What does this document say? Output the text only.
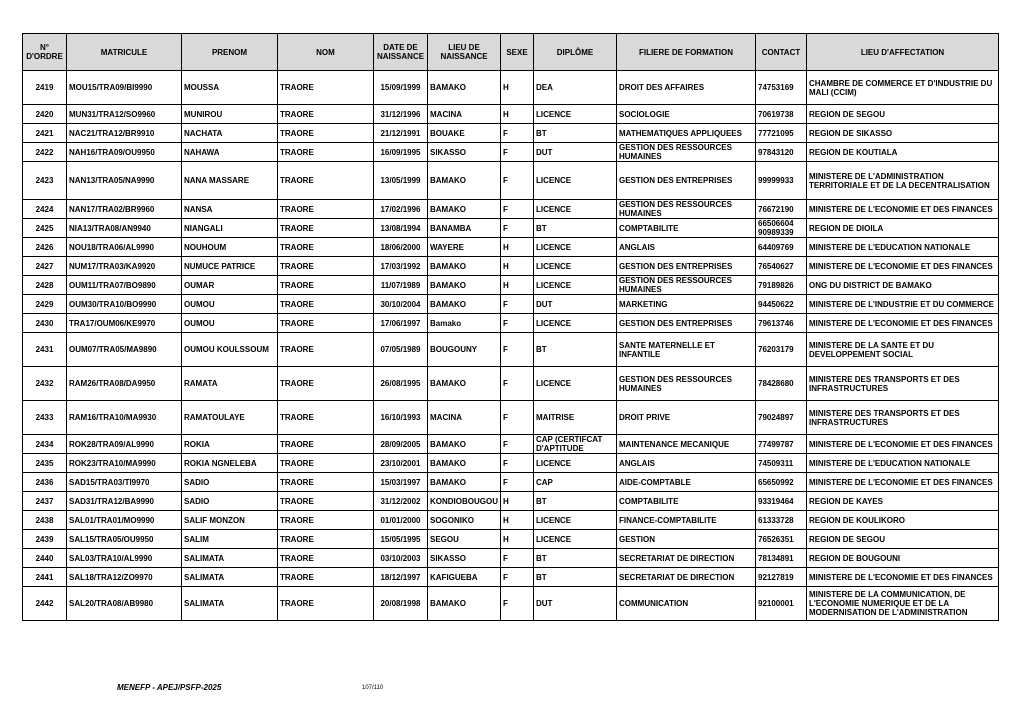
N° D'ORDRE	MATRICULE	PRENOM	NOM	DATE DE NAISSANCE	LIEU DE NAISSANCE	SEXE	DIPLÔME	FILIERE DE FORMATION	CONTACT	LIEU D'AFFECTATION
2419	MOU15/TRA09/BI9990	MOUSSA	TRAORE	15/09/1999	BAMAKO	H	DEA	DROIT DES AFFAIRES	74753169	CHAMBRE DE COMMERCE ET D'INDUSTRIE DU MALI (CCIM)
2420	MUN31/TRA12/SO9960	MUNIROU	TRAORE	31/12/1996	MACINA	H	LICENCE	SOCIOLOGIE	70619738	REGION DE SEGOU
2421	NAC21/TRA12/BR9910	NACHATA	TRAORE	21/12/1991	BOUAKE	F	BT	MATHEMATIQUES APPLIQUEES	77721095	REGION DE SIKASSO
2422	NAH16/TRA09/OU9950	NAHAWA	TRAORE	16/09/1995	SIKASSO	F	DUT	GESTION DES RESSOURCES HUMAINES	97843120	REGION DE KOUTIALA
2423	NAN13/TRA05/NA9990	NANA MASSARE	TRAORE	13/05/1999	BAMAKO	F	LICENCE	GESTION DES ENTREPRISES	99999933	MINISTERE DE L'ADMINISTRATION TERRITORIALE ET DE LA DECENTRALISATION
2424	NAN17/TRA02/BR9960	NANSA	TRAORE	17/02/1996	BAMAKO	F	LICENCE	GESTION DES RESSOURCES HUMAINES	76672190	MINISTERE DE L'ECONOMIE ET DES FINANCES
2425	NIA13/TRA08/AN9940	NIANGALI	TRAORE	13/08/1994	BANAMBA	F	BT	COMPTABILITE	66506604 90989339	REGION DE DIOILA
2426	NOU18/TRA06/AL9990	NOUHOUM	TRAORE	18/06/2000	WAYERE	H	LICENCE	ANGLAIS	64409769	MINISTERE DE L'EDUCATION NATIONALE
2427	NUM17/TRA03/KA9920	NUMUCE PATRICE	TRAORE	17/03/1992	BAMAKO	H	LICENCE	GESTION DES ENTREPRISES	76540627	MINISTERE DE L'ECONOMIE ET DES FINANCES
2428	OUM11/TRA07/BO9890	OUMAR	TRAORE	11/07/1989	BAMAKO	H	LICENCE	GESTION DES RESSOURCES HUMAINES	79189826	ONG DU DISTRICT DE BAMAKO
2429	OUM30/TRA10/BO9990	OUMOU	TRAORE	30/10/2004	BAMAKO	F	DUT	MARKETING	94450622	MINISTERE DE L'INDUSTRIE ET DU COMMERCE
2430	TRA17/OUM06/KE9970	OUMOU	TRAORE	17/06/1997	Bamako	F	LICENCE	GESTION DES ENTREPRISES	79613746	MINISTERE DE L'ECONOMIE ET DES FINANCES
2431	OUM07/TRA05/MA9890	OUMOU KOULSSOUM	TRAORE	07/05/1989	BOUGOUNY	F	BT	SANTE MATERNELLE ET INFANTILE	76203179	MINISTERE DE LA SANTE ET DU DEVELOPPEMENT SOCIAL
2432	RAM26/TRA08/DA9950	RAMATA	TRAORE	26/08/1995	BAMAKO	F	LICENCE	GESTION DES RESSOURCES HUMAINES	78428680	MINISTERE DES TRANSPORTS ET DES INFRASTRUCTURES
2433	RAM16/TRA10/MA9930	RAMATOULAYE	TRAORE	16/10/1993	MACINA	F	MAITRISE	DROIT PRIVE	79024897	MINISTERE DES TRANSPORTS ET DES INFRASTRUCTURES
2434	ROK28/TRA09/AL9990	ROKIA	TRAORE	28/09/2005	BAMAKO	F	CAP (CERTIFCAT D'APTITUDE	MAINTENANCE MECANIQUE	77499787	MINISTERE DE L'ECONOMIE ET DES FINANCES
2435	ROK23/TRA10/MA9990	ROKIA NGNELEBA	TRAORE	23/10/2001	BAMAKO	F	LICENCE	ANGLAIS	74509311	MINISTERE DE L'EDUCATION NATIONALE
2436	SAD15/TRA03/TI9970	SADIO	TRAORE	15/03/1997	BAMAKO	F	CAP	AIDE-COMPTABLE	65650992	MINISTERE DE L'ECONOMIE ET DES FINANCES
2437	SAD31/TRA12/BA9990	SADIO	TRAORE	31/12/2002	KONDIOBOUGOU	H	BT	COMPTABILITE	93319464	REGION DE KAYES
2438	SAL01/TRA01/MO9990	SALIF MONZON	TRAORE	01/01/2000	SOGONIKO	H	LICENCE	FINANCE-COMPTABILITE	61333728	REGION DE KOULIKORO
2439	SAL15/TRA05/OU9950	SALIM	TRAORE	15/05/1995	SEGOU	H	LICENCE	GESTION	76526351	REGION DE SEGOU
2440	SAL03/TRA10/AL9990	SALIMATA	TRAORE	03/10/2003	SIKASSO	F	BT	SECRETARIAT DE DIRECTION	78134891	REGION DE BOUGOUNI
2441	SAL18/TRA12/ZO9970	SALIMATA	TRAORE	18/12/1997	KAFIGUEBA	F	BT	SECRETARIAT DE DIRECTION	92127819	MINISTERE DE L'ECONOMIE ET DES FINANCES
2442	SAL20/TRA08/AB9980	SALIMATA	TRAORE	20/08/1998	BAMAKO	F	DUT	COMMUNICATION	92100001	MINISTERE DE LA COMMUNICATION, DE L'ECONOMIE NUMERIQUE ET DE LA MODERNISATION DE L'ADMINISTRATION
MENEFP - APEJ/PSFP-2025	107/110
